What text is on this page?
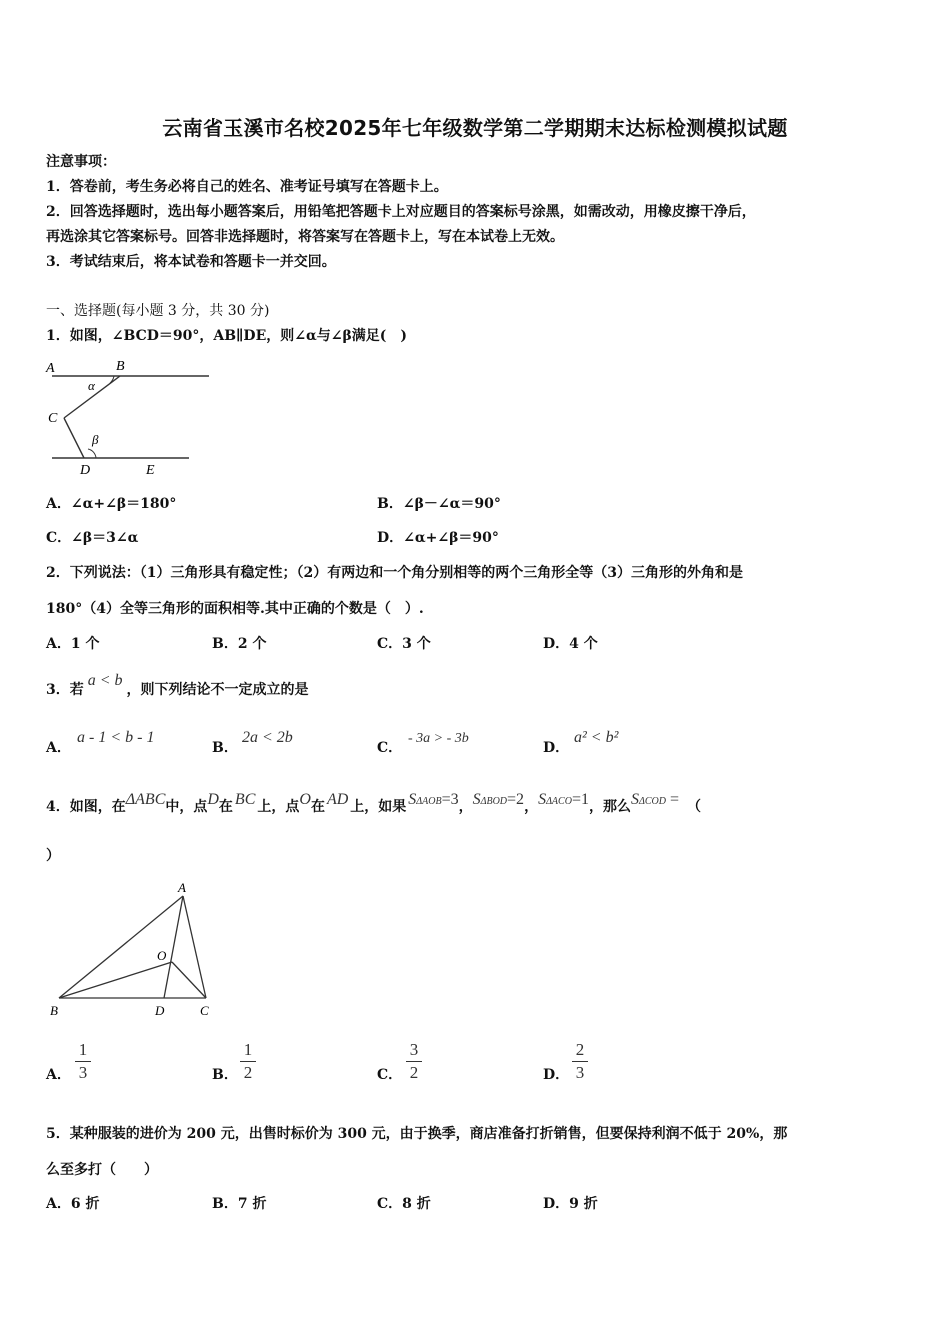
云南省玉溪市名校2025年七年级数学第二学期期末达标检测模拟试题
注意事项：
1．答卷前，考生务必将自己的姓名、准考证号填写在答题卡上。
2．回答选择题时，选出每小题答案后，用铅笔把答题卡上对应题目的答案标号涂黑，如需改动，用橡皮擦干净后，
再选涂其它答案标号。回答非选择题时，将答案写在答题卡上，写在本试卷上无效。
3．考试结束后，将本试卷和答题卡一并交回。
一、选择题(每小题 3 分，共 30 分)
1．如图，∠BCD＝90°，AB∥DE，则∠α与∠β满足(　)
A	B
α
C
β
D	E
A．∠α+∠β＝180°	B．∠β－∠α＝90°
C．∠β＝3∠α	D．∠α+∠β＝90°
2．下列说法：（1）三角形具有稳定性；（2）有两边和一个角分别相等的两个三角形全等（3）三角形的外角和是
180°（4）全等三角形的面积相等.其中正确的个数是（　）.
A．1 个	B．2 个	C．3 个	D．4 个
3．若a < b，则下列结论不一定成立的是
A．
a - 1 < b - 1
B．
2a < 2b
C．
- 3a > - 3b
D．
a² < b²
4．如图，在ΔABC中，点D在 BC 上，点O在 AD 上，如果 SΔAOB=3，SΔBOD=2，SΔACO=1，那么SΔCOD = （
）
A
O
B	D	C
A．
1
3	B．
1
2	C．
3
2	D．
2
3
5．某种服装的进价为 200 元，出售时标价为 300 元，由于换季，商店准备打折销售，但要保持利润不低于 20%，那
么至多打（　　）
A．6 折	B．7 折	C．8 折	D．9 折
